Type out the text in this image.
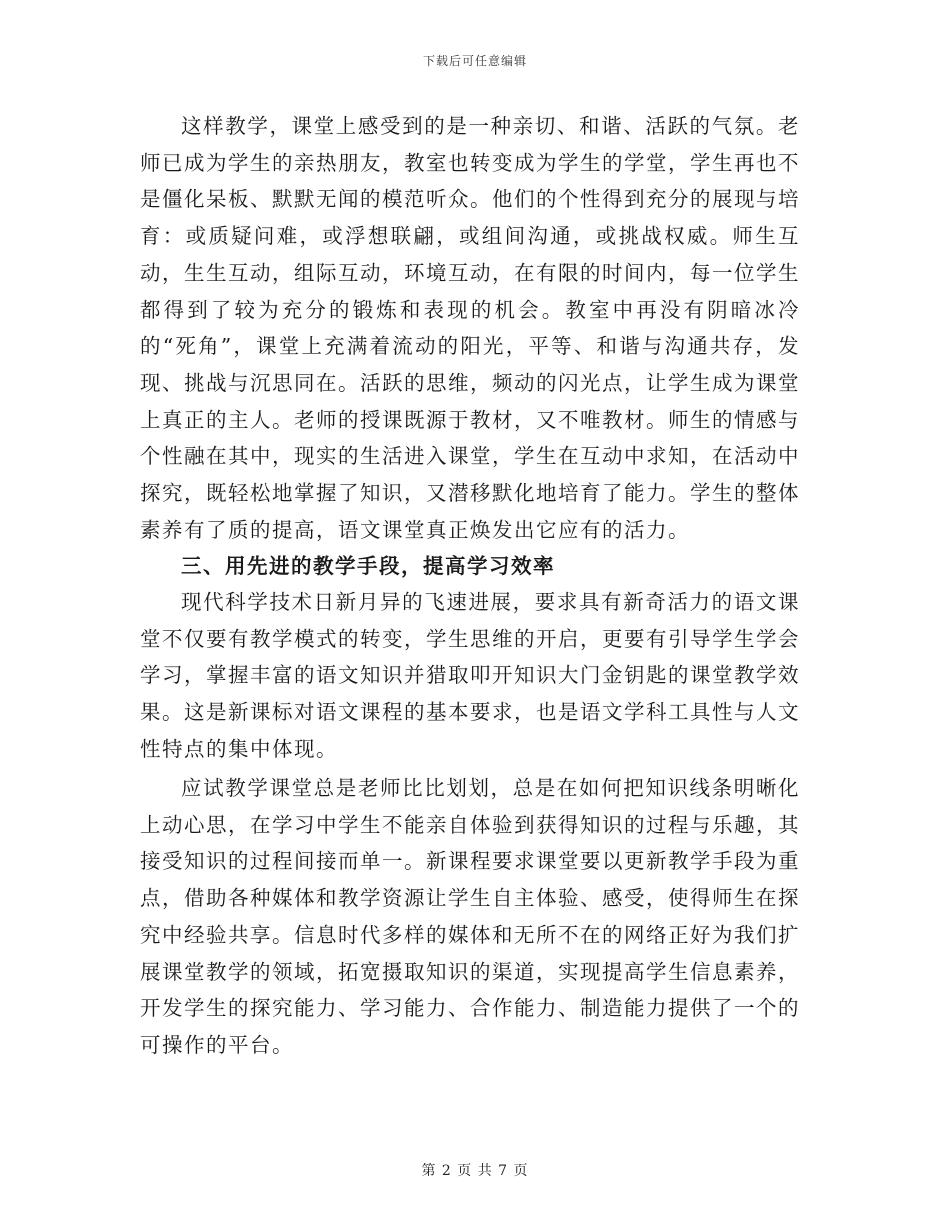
下载后可任意编辑

这样教学，课堂上感受到的是一种亲切、和谐、活跃的气氛。老师已成为学生的亲热朋友，教室也转变成为学生的学堂，学生再也不是僵化呆板、默默无闻的模范听众。他们的个性得到充分的展现与培育：或质疑问难，或浮想联翩，或组间沟通，或挑战权威。师生互动，生生互动，组际互动，环境互动，在有限的时间内，每一位学生都得到了较为充分的锻炼和表现的机会。教室中再没有阴暗冰冷的“死角”，课堂上充满着流动的阳光，平等、和谐与沟通共存，发现、挑战与沉思同在。活跃的思维，频动的闪光点，让学生成为课堂上真正的主人。老师的授课既源于教材，又不唯教材。师生的情感与个性融在其中，现实的生活进入课堂，学生在互动中求知，在活动中探究，既轻松地掌握了知识，又潜移默化地培育了能力。学生的整体素养有了质的提高，语文课堂真正焕发出它应有的活力。

三、用先进的教学手段，提高学习效率

现代科学技术日新月异的飞速进展，要求具有新奇活力的语文课堂不仅要有教学模式的转变，学生思维的开启，更要有引导学生学会学习，掌握丰富的语文知识并猎取叩开知识大门金钥匙的课堂教学效果。这是新课标对语文课程的基本要求，也是语文学科工具性与人文性特点的集中体现。

应试教学课堂总是老师比比划划，总是在如何把知识线条明晰化上动心思，在学习中学生不能亲自体验到获得知识的过程与乐趣，其接受知识的过程间接而单一。新课程要求课堂要以更新教学手段为重点，借助各种媒体和教学资源让学生自主体验、感受，使得师生在探究中经验共享。信息时代多样的媒体和无所不在的网络正好为我们扩展课堂教学的领域，拓宽摄取知识的渠道，实现提高学生信息素养，开发学生的探究能力、学习能力、合作能力、制造能力提供了一个的可操作的平台。

第 2 页 共 7 页
